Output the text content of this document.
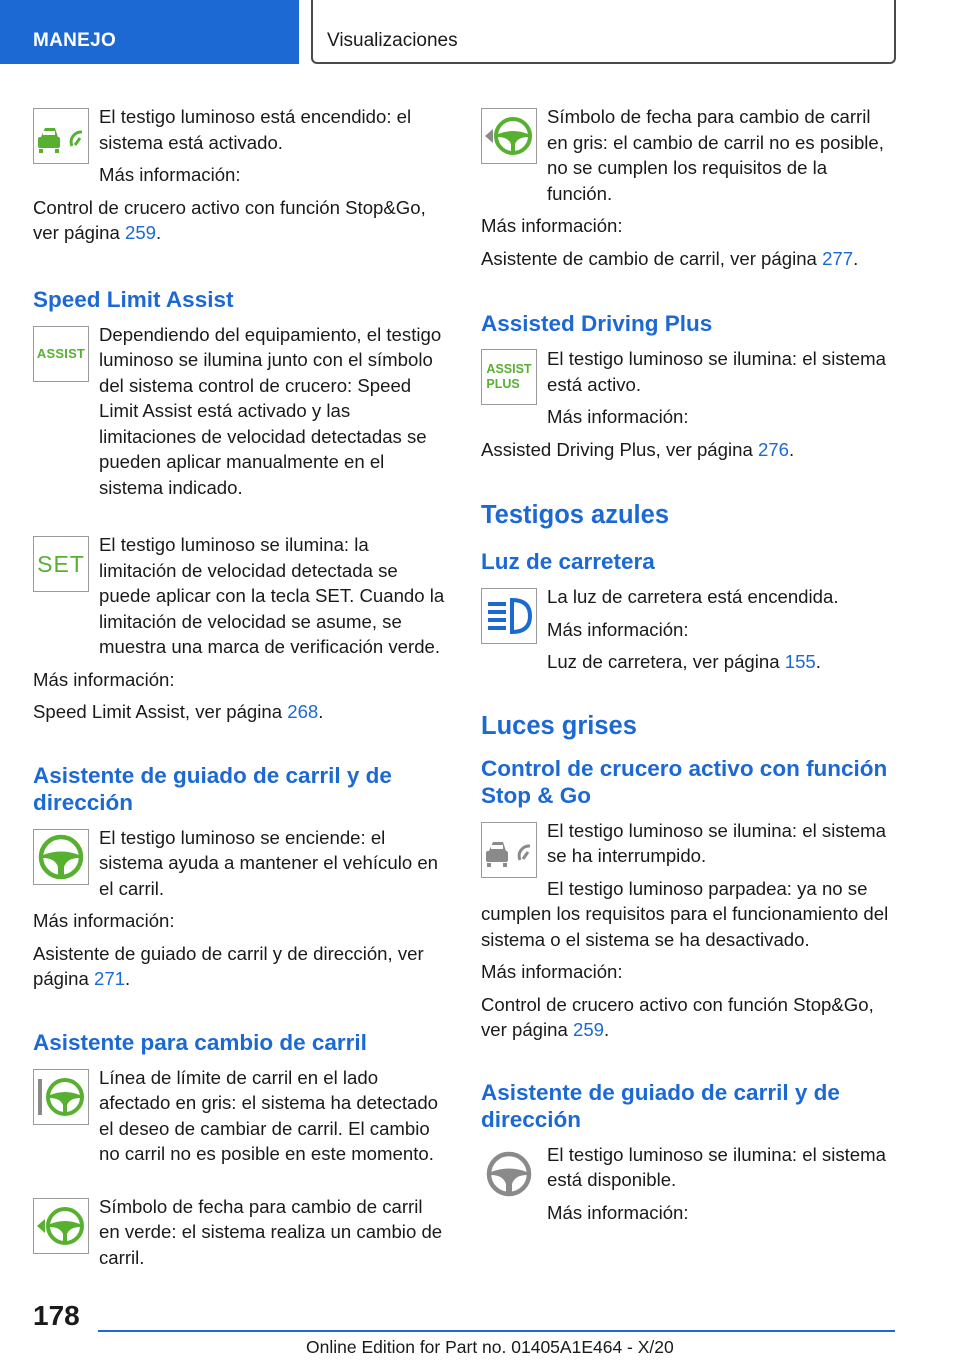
MANEJO	Visualizaciones

El testigo luminoso está encendido: el sistema está activado.

Más información:

Control de crucero activo con función Stop&Go, ver página 259.

Speed Limit Assist
ASSIST

Dependiendo del equipamiento, el testigo luminoso se ilumina junto con el símbolo del sistema control de crucero: Speed Limit Assist está activado y las limitaciones de velocidad detectadas se pueden aplicar manualmente en el sistema indicado.

SET

El testigo luminoso se ilumina: la limitación de velocidad detectada se puede aplicar con la tecla SET. Cuando la limitación de velocidad se asume, se muestra una marca de verificación verde.

Más información:

Speed Limit Assist, ver página 268.

Asistente de guiado de carril y de dirección

El testigo luminoso se enciende: el sistema ayuda a mantener el vehículo en el carril.

Más información:

Asistente de guiado de carril y de dirección, ver página 271.

Asistente para cambio de carril

Línea de límite de carril en el lado afectado en gris: el sistema ha detectado el deseo de cambiar de carril. El cambio no carril no es posible en este momento.

Símbolo de fecha para cambio de carril en verde: el sistema realiza un cambio de carril.

Símbolo de fecha para cambio de carril en gris: el cambio de carril no es posible, no se cumplen los requisitos de la función.

Más información:

Asistente de cambio de carril, ver página 277.

Assisted Driving Plus
ASSIST
PLUS

El testigo luminoso se ilumina: el sistema está activo.

Más información:

Assisted Driving Plus, ver página 276.

Testigos azules
Luz de carretera

La luz de carretera está encendida.

Más información:

Luz de carretera, ver página 155.

Luces grises
Control de crucero activo con función Stop & Go

El testigo luminoso se ilumina: el sistema se ha interrumpido.

El testigo luminoso parpadea: ya no se cumplen los requisitos para el funcionamiento del sistema o el sistema se ha desactivado.

Más información:

Control de crucero activo con función Stop&Go, ver página 259.

Asistente de guiado de carril y de dirección

El testigo luminoso se ilumina: el sistema está disponible.

Más información:

178
Online Edition for Part no. 01405A1E464 - X/20
